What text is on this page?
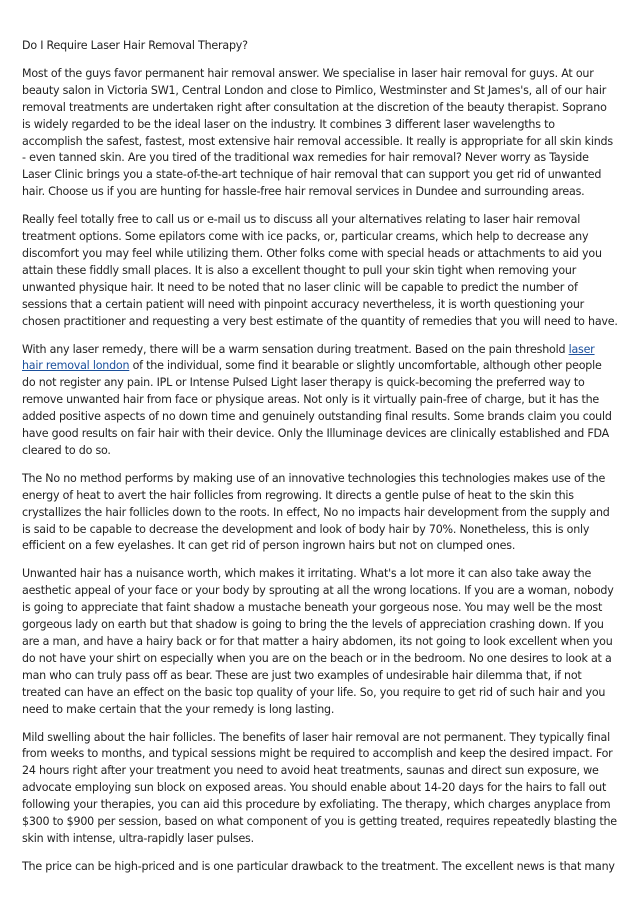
Do I Require Laser Hair Removal Therapy?

Most of the guys favor permanent hair removal answer. We specialise in laser hair removal for guys. At our beauty salon in Victoria SW1, Central London and close to Pimlico, Westminster and St James's, all of our hair removal treatments are undertaken right after consultation at the discretion of the beauty therapist. Soprano is widely regarded to be the ideal laser on the industry. It combines 3 different laser wavelengths to accomplish the safest, fastest, most extensive hair removal accessible. It really is appropriate for all skin kinds - even tanned skin. Are you tired of the traditional wax remedies for hair removal? Never worry as Tayside Laser Clinic brings you a state-of-the-art technique of hair removal that can support you get rid of unwanted hair. Choose us if you are hunting for hassle-free hair removal services in Dundee and surrounding areas.

Really feel totally free to call us or e-mail us to discuss all your alternatives relating to laser hair removal treatment options. Some epilators come with ice packs, or, particular creams, which help to decrease any discomfort you may feel while utilizing them. Other folks come with special heads or attachments to aid you attain these fiddly small places. It is also a excellent thought to pull your skin tight when removing your unwanted physique hair. It need to be noted that no laser clinic will be capable to predict the number of sessions that a certain patient will need with pinpoint accuracy nevertheless, it is worth questioning your chosen practitioner and requesting a very best estimate of the quantity of remedies that you will need to have.

With any laser remedy, there will be a warm sensation during treatment. Based on the pain threshold laser hair removal london of the individual, some find it bearable or slightly uncomfortable, although other people do not register any pain. IPL or Intense Pulsed Light laser therapy is quick-becoming the preferred way to remove unwanted hair from face or physique areas. Not only is it virtually pain-free of charge, but it has the added positive aspects of no down time and genuinely outstanding final results. Some brands claim you could have good results on fair hair with their device. Only the Illuminage devices are clinically established and FDA cleared to do so.

The No no method performs by making use of an innovative technologies this technologies makes use of the energy of heat to avert the hair follicles from regrowing. It directs a gentle pulse of heat to the skin this crystallizes the hair follicles down to the roots. In effect, No no impacts hair development from the supply and is said to be capable to decrease the development and look of body hair by 70%. Nonetheless, this is only efficient on a few eyelashes. It can get rid of person ingrown hairs but not on clumped ones.

Unwanted hair has a nuisance worth, which makes it irritating. What's a lot more it can also take away the aesthetic appeal of your face or your body by sprouting at all the wrong locations. If you are a woman, nobody is going to appreciate that faint shadow a mustache beneath your gorgeous nose. You may well be the most gorgeous lady on earth but that shadow is going to bring the the levels of appreciation crashing down. If you are a man, and have a hairy back or for that matter a hairy abdomen, its not going to look excellent when you do not have your shirt on especially when you are on the beach or in the bedroom. No one desires to look at a man who can truly pass off as bear. These are just two examples of undesirable hair dilemma that, if not treated can have an effect on the basic top quality of your life. So, you require to get rid of such hair and you need to make certain that the your remedy is long lasting.

Mild swelling about the hair follicles. The benefits of laser hair removal are not permanent. They typically final from weeks to months, and typical sessions might be required to accomplish and keep the desired impact. For 24 hours right after your treatment you need to avoid heat treatments, saunas and direct sun exposure, we advocate employing sun block on exposed areas. You should enable about 14-20 days for the hairs to fall out following your therapies, you can aid this procedure by exfoliating. The therapy, which charges anyplace from $300 to $900 per session, based on what component of you is getting treated, requires repeatedly blasting the skin with intense, ultra-rapidly laser pulses.

The price can be high-priced and is one particular drawback to the treatment. The excellent news is that many
